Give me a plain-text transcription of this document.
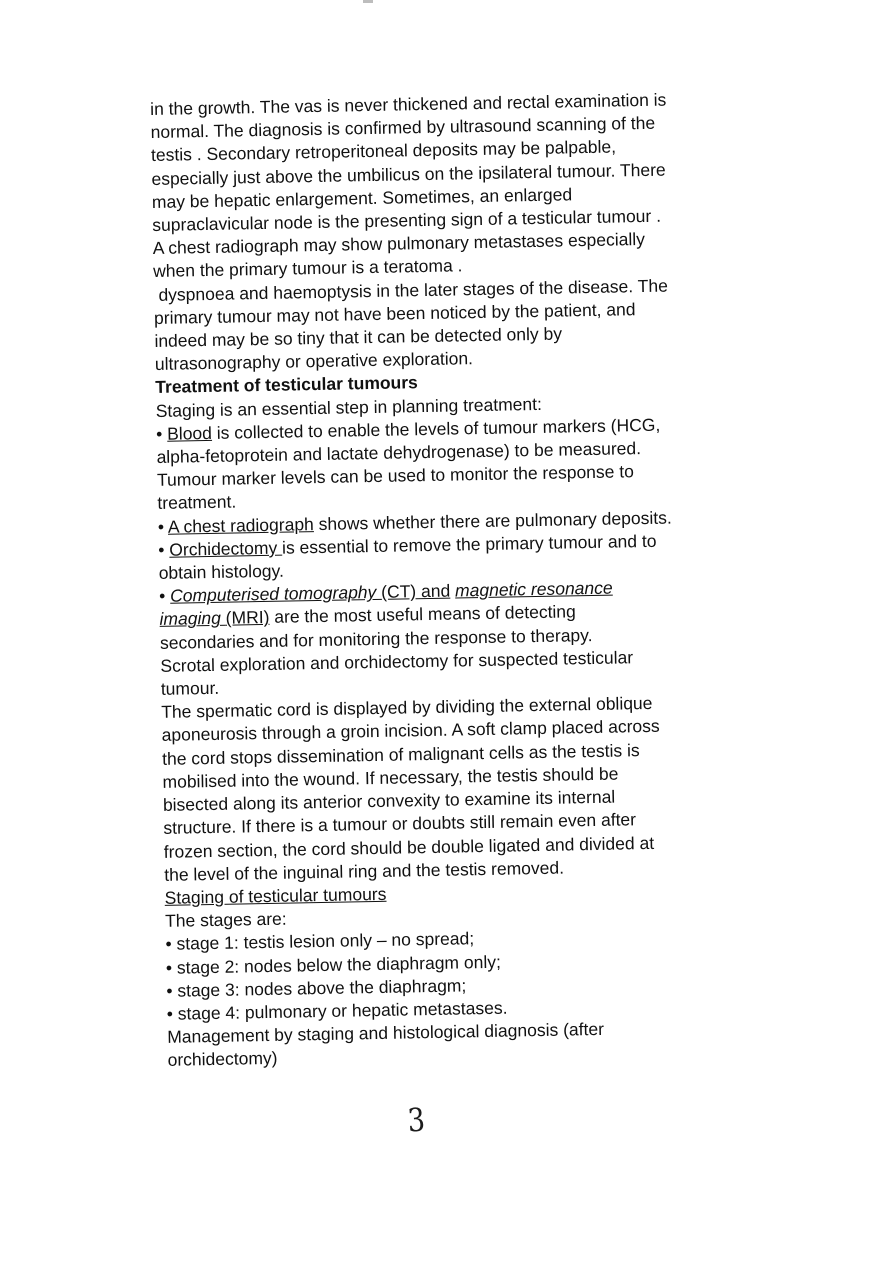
in the growth. The vas is never thickened and rectal examination is
normal. The diagnosis is confirmed by ultrasound scanning of the
testis . Secondary retroperitoneal deposits may be palpable,
especially just above the umbilicus on the ipsilateral tumour. There
may be hepatic enlargement. Sometimes, an enlarged
supraclavicular node is the presenting sign of a testicular tumour .
A chest radiograph may show pulmonary metastases especially
when the primary tumour is a teratoma .
dyspnoea and haemoptysis in the later stages of the disease. The
primary tumour may not have been noticed by the patient, and
indeed may be so tiny that it can be detected only by
ultrasonography or operative exploration.
Treatment of testicular tumours
Staging is an essential step in planning treatment:
• Blood is collected to enable the levels of tumour markers (HCG,
alpha-fetoprotein and lactate dehydrogenase) to be measured.
Tumour marker levels can be used to monitor the response to
treatment.
• A chest radiograph shows whether there are pulmonary deposits.
• Orchidectomy is essential to remove the primary tumour and to
obtain histology.
• Computerised tomography (CT) and magnetic resonance
imaging (MRI) are the most useful means of detecting
secondaries and for monitoring the response to therapy.
Scrotal exploration and orchidectomy for suspected testicular
tumour.
The spermatic cord is displayed by dividing the external oblique
aponeurosis through a groin incision. A soft clamp placed across
the cord stops dissemination of malignant cells as the testis is
mobilised into the wound. If necessary, the testis should be
bisected along its anterior convexity to examine its internal
structure. If there is a tumour or doubts still remain even after
frozen section, the cord should be double ligated and divided at
the level of the inguinal ring and the testis removed.
Staging of testicular tumours
The stages are:
• stage 1: testis lesion only – no spread;
• stage 2: nodes below the diaphragm only;
• stage 3: nodes above the diaphragm;
• stage 4: pulmonary or hepatic metastases.
Management by staging and histological diagnosis (after
orchidectomy)
3
